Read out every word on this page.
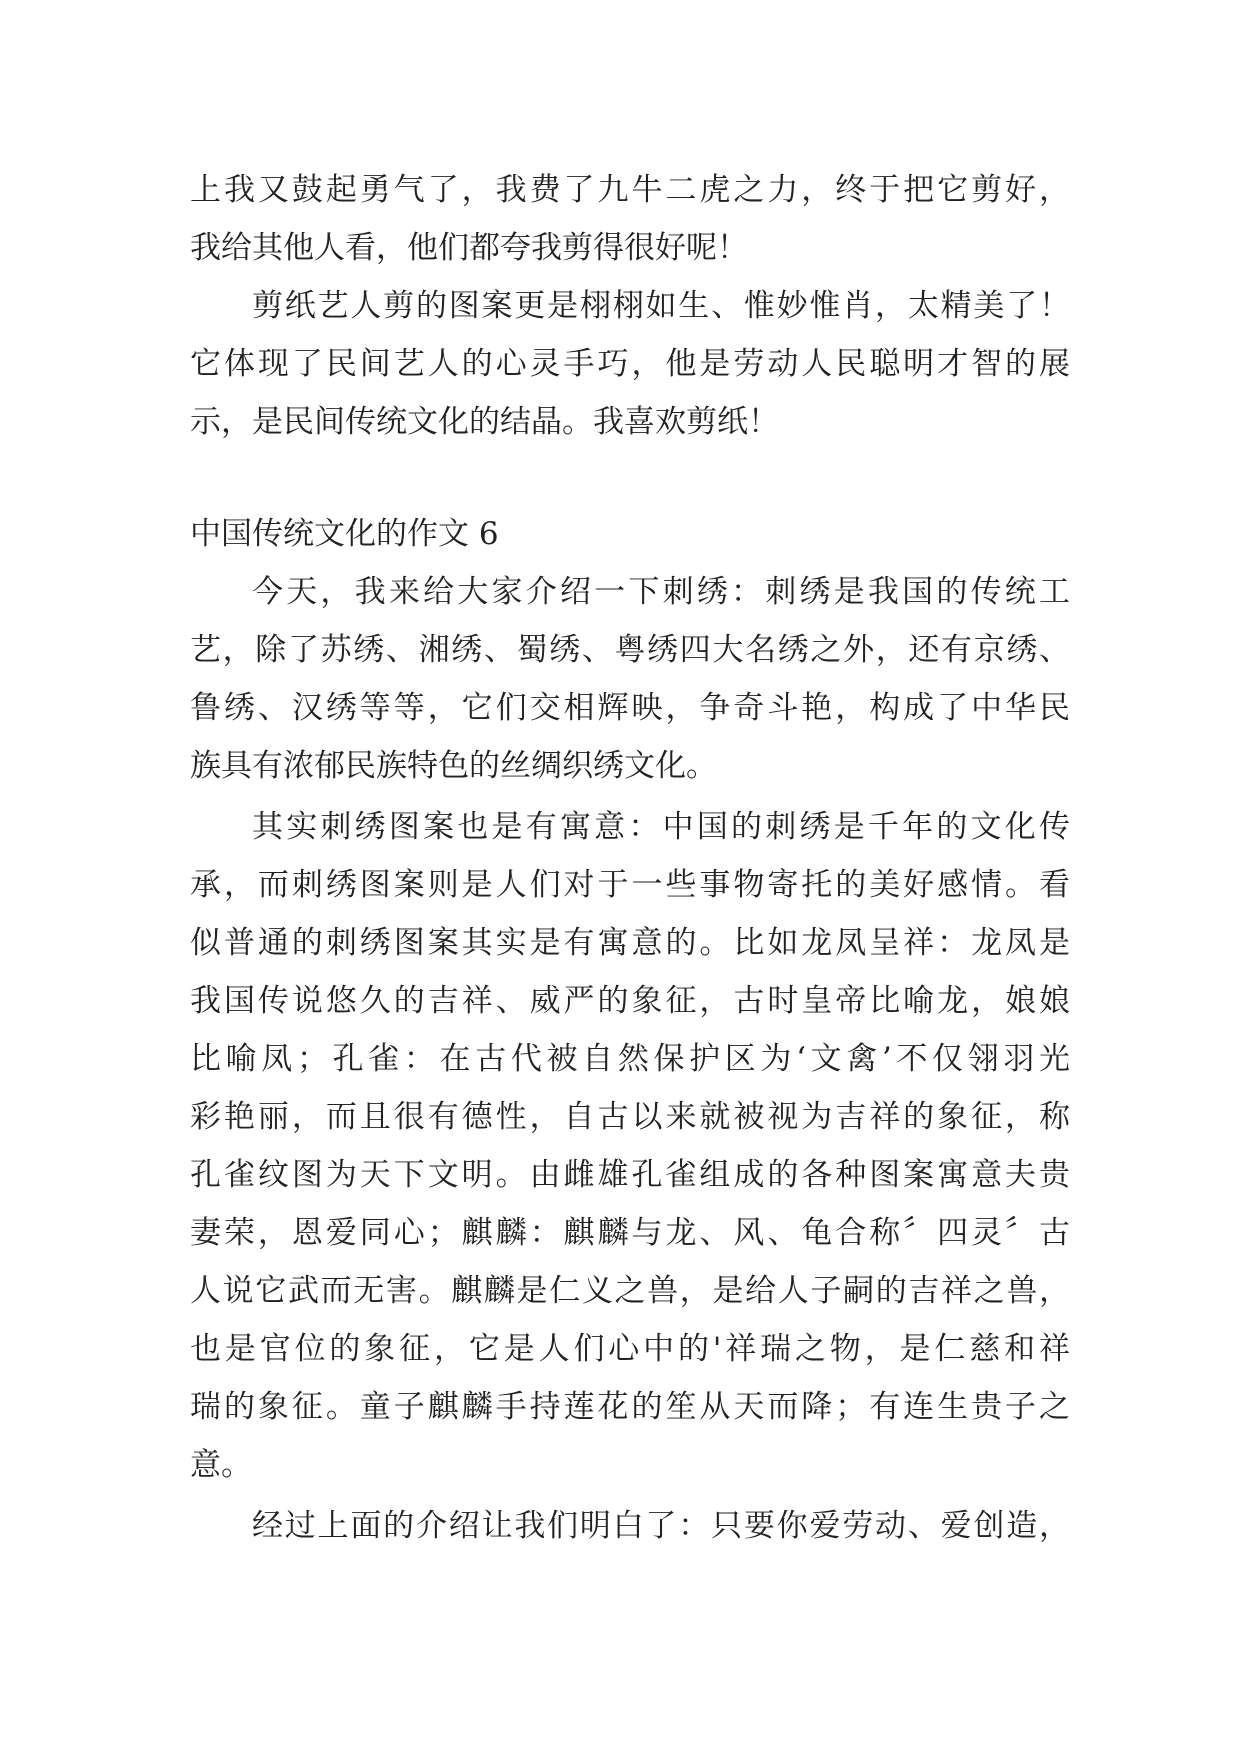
上我又鼓起勇气了，我费了九牛二虎之力，终于把它剪好，
我给其他人看，他们都夸我剪得很好呢！
剪纸艺人剪的图案更是栩栩如生、惟妙惟肖，太精美了！
它体现了民间艺人的心灵手巧，他是劳动人民聪明才智的展
示，是民间传统文化的结晶。我喜欢剪纸！
中国传统文化的作文 6
今天，我来给大家介绍一下刺绣：刺绣是我国的传统工
艺，除了苏绣、湘绣、蜀绣、粤绣四大名绣之外，还有京绣、
鲁绣、汉绣等等，它们交相辉映，争奇斗艳，构成了中华民
族具有浓郁民族特色的丝绸织绣文化。
其实刺绣图案也是有寓意：中国的刺绣是千年的文化传
承，而刺绣图案则是人们对于一些事物寄托的美好感情。看
似普通的刺绣图案其实是有寓意的。比如龙凤呈祥：龙凤是
我国传说悠久的吉祥、威严的象征，古时皇帝比喻龙，娘娘
比喻凤；孔雀：在古代被自然保护区为‘文禽’不仅翎羽光
彩艳丽，而且很有德性，自古以来就被视为吉祥的象征，称
孔雀纹图为天下文明。由雌雄孔雀组成的各种图案寓意夫贵
妻荣，恩爱同心；麒麟：麒麟与龙、风、龟合称〞四灵〞古
人说它武而无害。麒麟是仁义之兽，是给人子嗣的吉祥之兽，
也是官位的象征，它是人们心中的'祥瑞之物，是仁慈和祥
瑞的象征。童子麒麟手持莲花的笙从天而降；有连生贵子之
意。
经过上面的介绍让我们明白了：只要你爱劳动、爱创造，
